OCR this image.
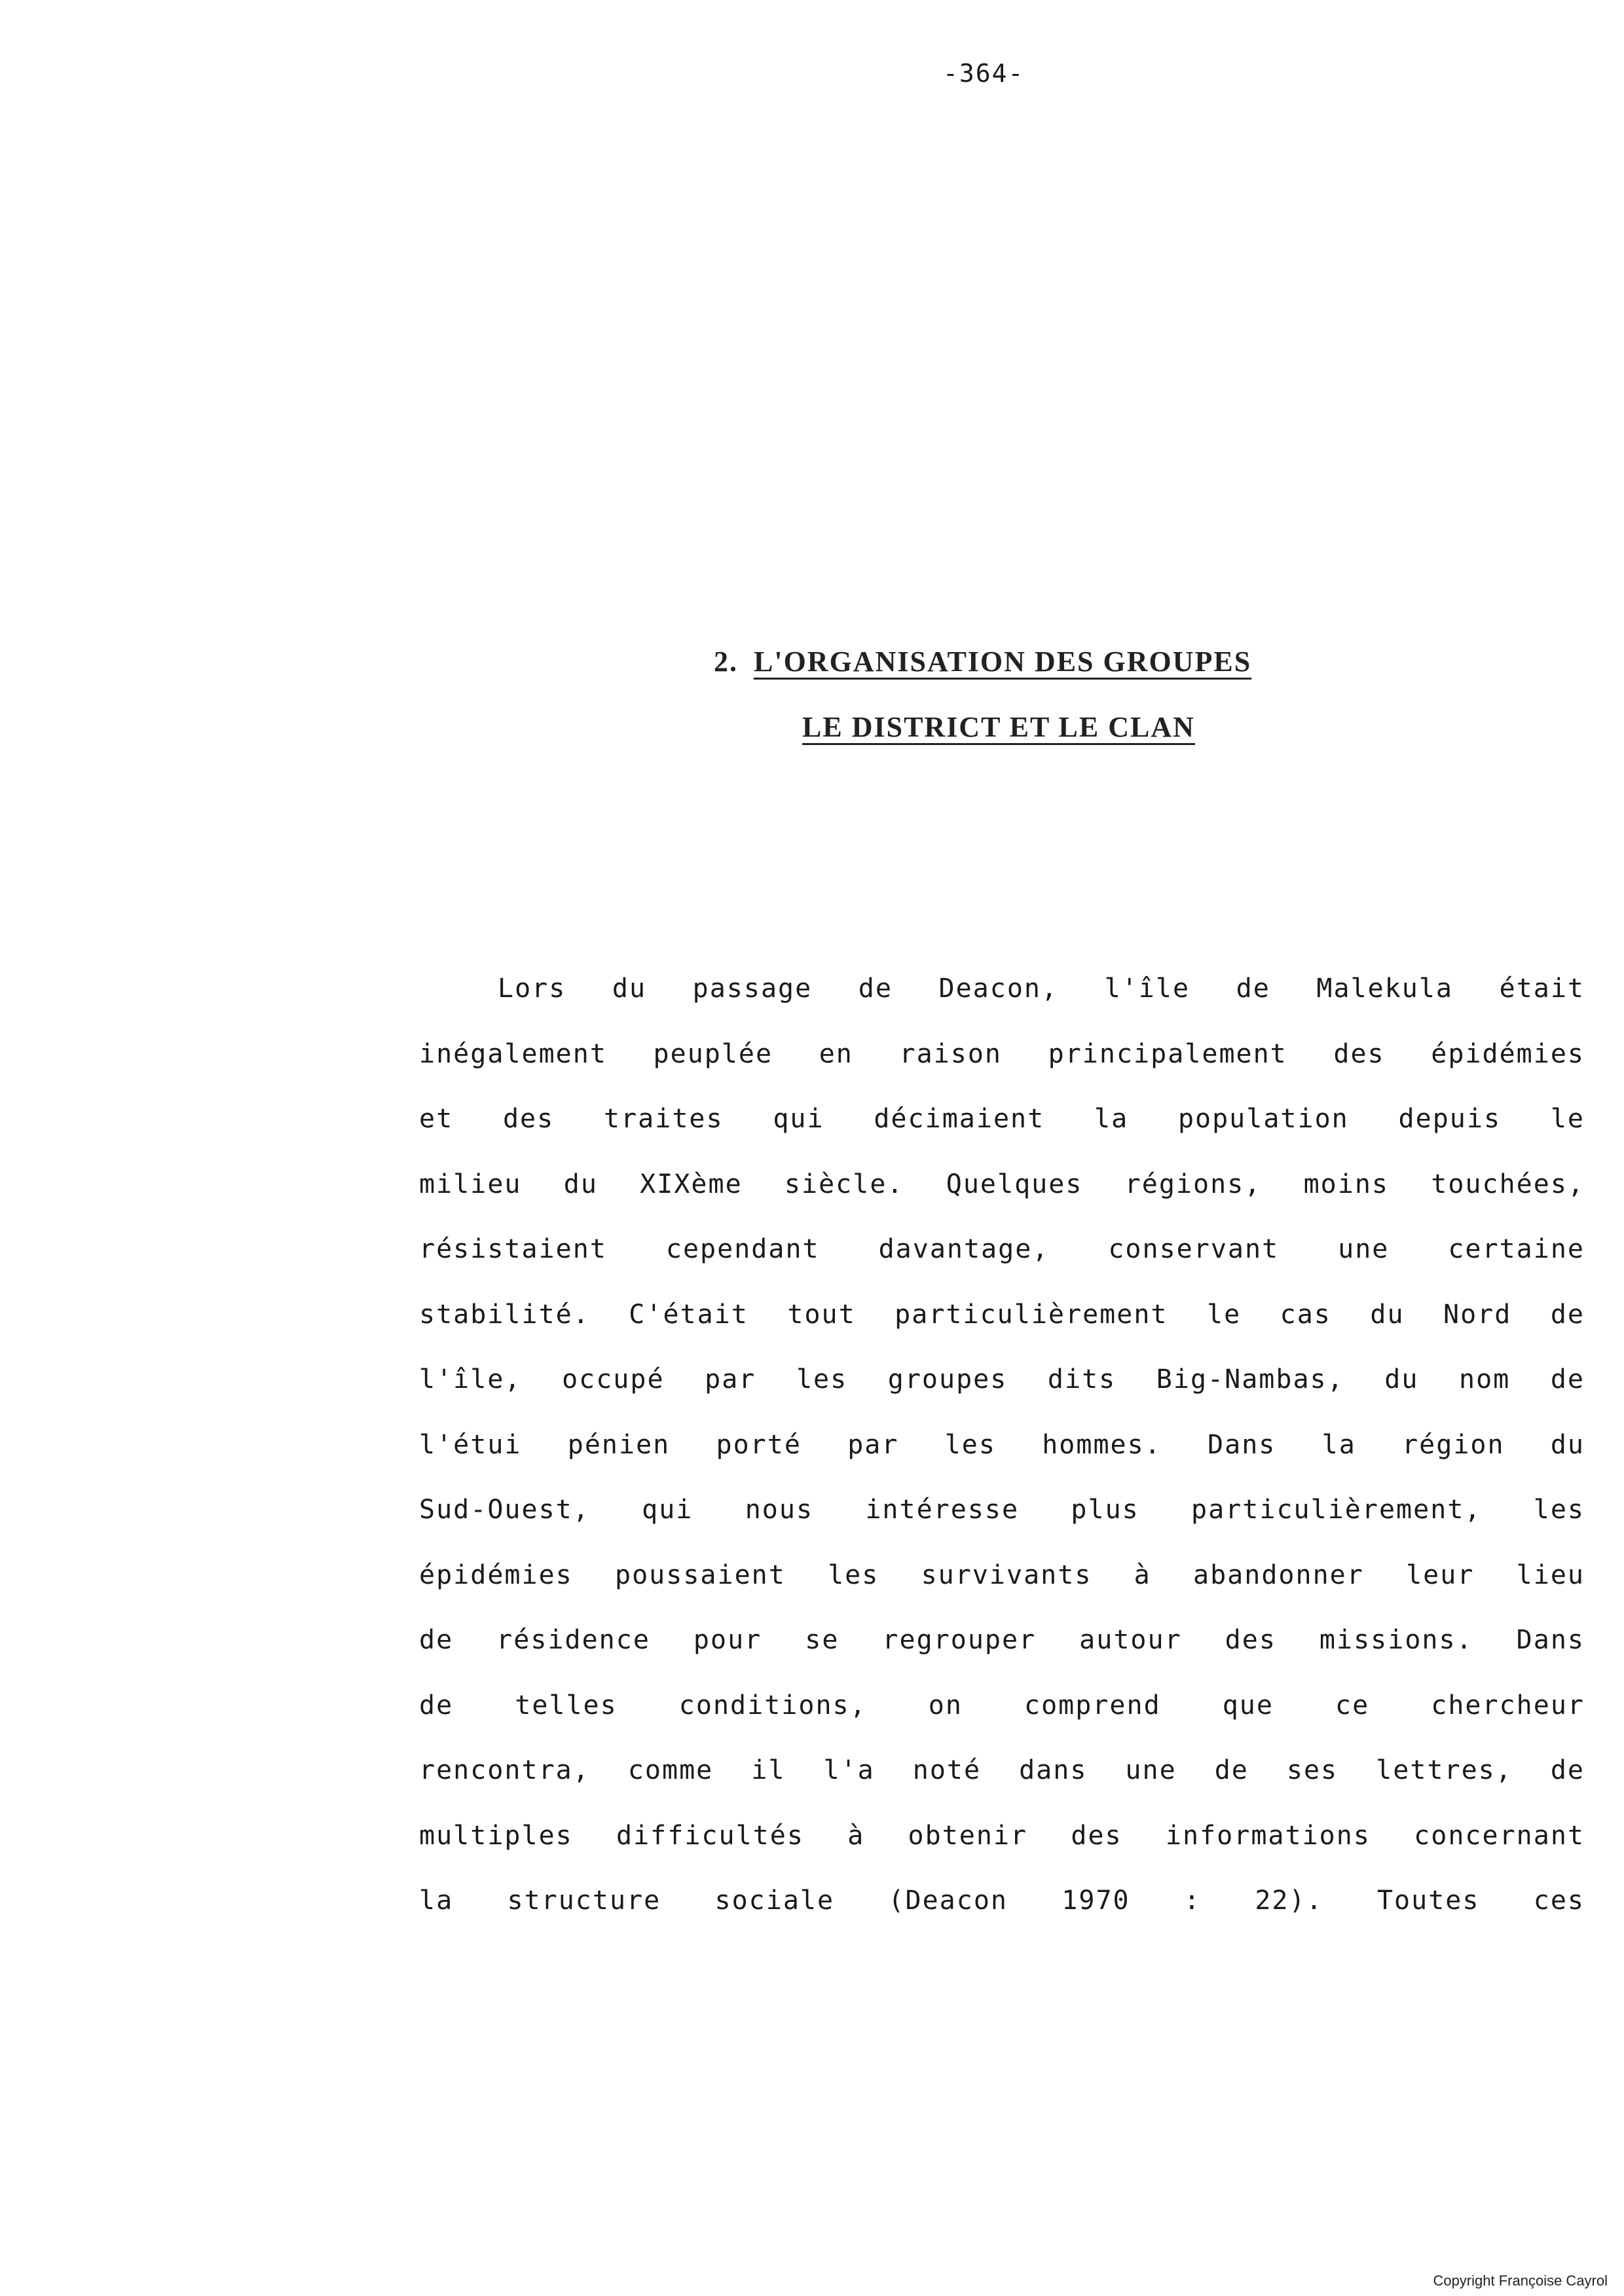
-364-
2. L'ORGANISATION DES GROUPES
LE DISTRICT ET LE CLAN
Lors du passage de Deacon, l'île de Malekula était
inégalement peuplée en raison principalement des épidémies
et des traites qui décimaient la population depuis le
milieu du XIXème siècle. Quelques régions, moins touchées,
résistaient cependant davantage, conservant une certaine
stabilité. C'était tout particulièrement le cas du Nord de
l'île, occupé par les groupes dits Big-Nambas, du nom de
l'étui pénien porté par les hommes. Dans la région du
Sud-Ouest, qui nous intéresse plus particulièrement, les
épidémies poussaient les survivants à abandonner leur lieu
de résidence pour se regrouper autour des missions. Dans
de telles conditions, on comprend que ce chercheur
rencontra, comme il l'a noté dans une de ses lettres, de
multiples difficultés à obtenir des informations concernant
la structure sociale (Deacon 1970 : 22). Toutes ces
Copyright Françoise Cayrol
